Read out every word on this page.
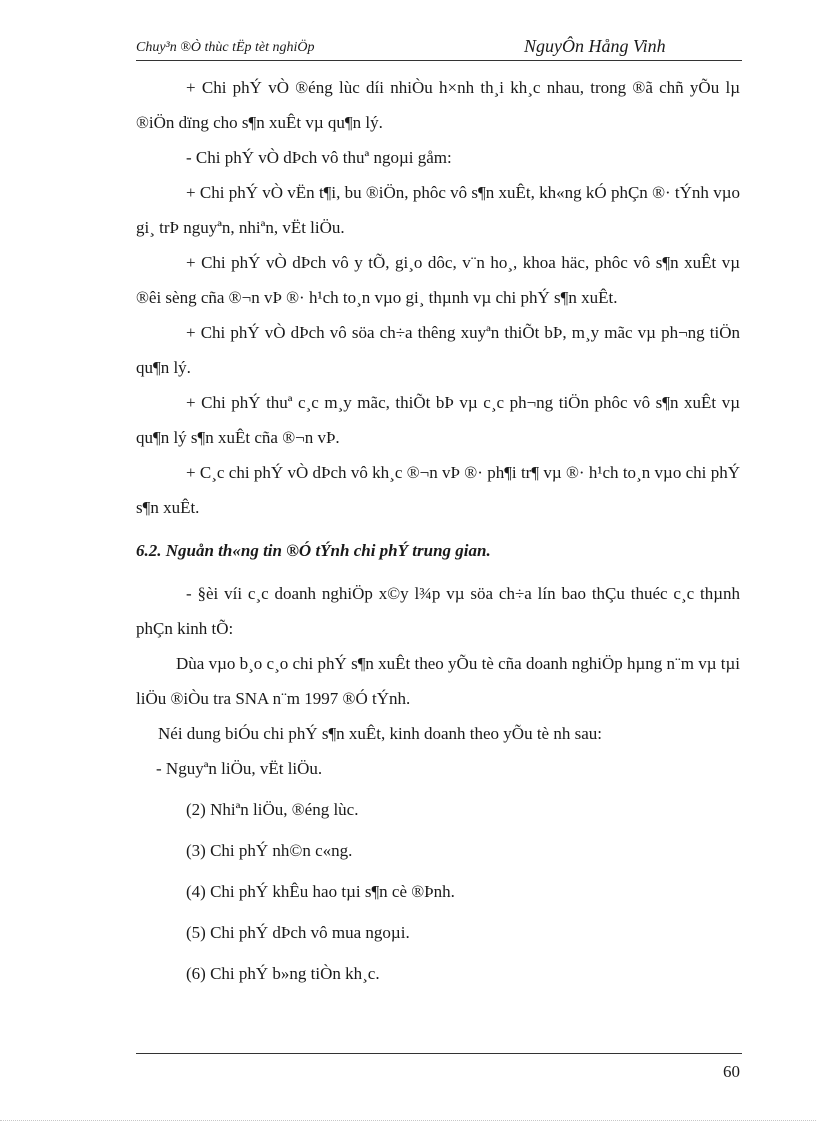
Chuy³n ®Ò thùc tËp tèt nghiÖp	NguyÔn Hång Vinh

+ Chi phÝ vÒ ®éng lùc díi nhiÒu h×nh th¸i kh¸c nhau, trong ®ã chñ yÕu lµ ®iÖn dïng cho s¶n xuÊt vµ qu¶n lý.

- Chi phÝ vÒ dÞch vô thuª ngoµi gåm:

+ Chi phÝ vÒ vËn t¶i, bu ®iÖn, phôc vô s¶n xuÊt, kh«ng kÓ phÇn ®· tÝnh vµo gi¸ trÞ nguyªn, nhiªn, vËt liÖu.

+ Chi phÝ vÒ dÞch vô y tÕ, gi¸o dôc, v¨n ho¸, khoa häc, phôc vô s¶n xuÊt vµ ®êi sèng cña ®¬n vÞ ®· h¹ch to¸n vµo gi¸ thµnh vµ chi phÝ s¶n xuÊt.

+ Chi phÝ vÒ dÞch vô söa ch÷a thêng xuyªn thiÕt bÞ, m¸y mãc vµ ph¬ng tiÖn qu¶n lý.

+ Chi phÝ thuª c¸c m¸y mãc, thiÕt bÞ vµ c¸c ph¬ng tiÖn phôc vô s¶n xuÊt vµ qu¶n lý s¶n xuÊt cña ®¬n vÞ.

+ C¸c chi phÝ vÒ dÞch vô kh¸c ®¬n vÞ ®· ph¶i tr¶ vµ ®· h¹ch to¸n vµo chi phÝ s¶n xuÊt.

6.2. Nguån th«ng tin ®Ó tÝnh chi phÝ trung gian.

- §èi víi c¸c doanh nghiÖp x©y l¾p vµ söa ch÷a lín bao thÇu thuéc c¸c thµnh phÇn kinh tÕ:

Dùa vµo b¸o c¸o chi phÝ s¶n xuÊt theo yÕu tè cña doanh nghiÖp hµng n¨m vµ tµi liÖu ®iÒu tra SNA n¨m 1997 ®Ó tÝnh.

Néi dung biÓu chi phÝ s¶n xuÊt, kinh doanh theo yÕu tè nh sau:

- Nguyªn liÖu, vËt liÖu.
(2) Nhiªn liÖu, ®éng lùc.
(3) Chi phÝ nh©n c«ng.
(4) Chi phÝ khÊu hao tµi s¶n cè ®Þnh.
(5) Chi phÝ dÞch vô mua ngoµi.
(6) Chi phÝ b»ng tiÒn kh¸c.
60
